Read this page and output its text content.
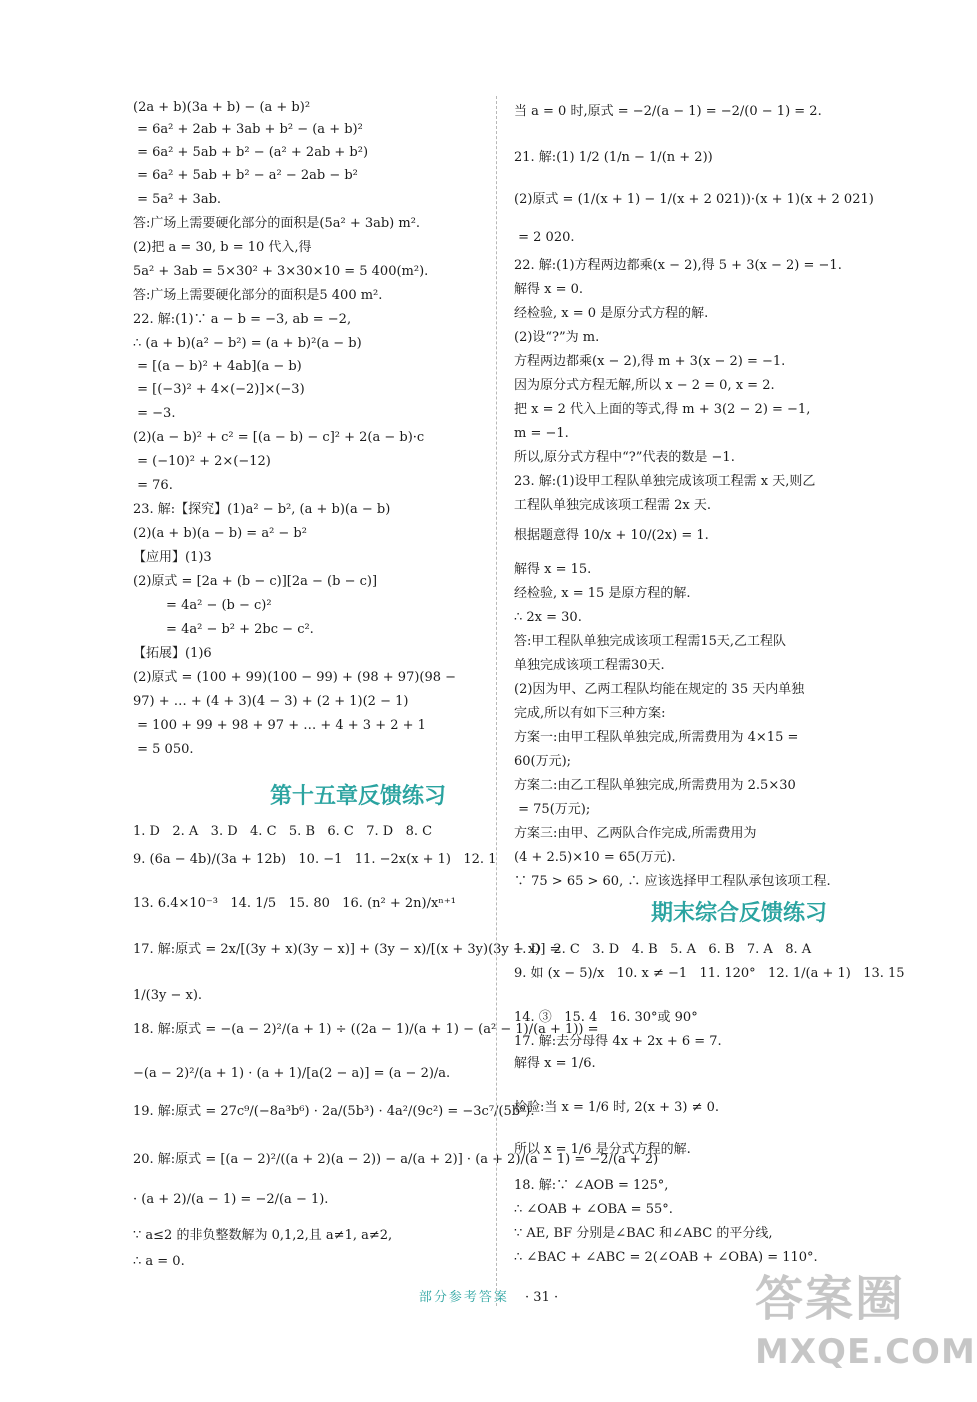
(2a + b)(3a + b) − (a + b)²
= 6a² + 2ab + 3ab + b² − (a + b)²
= 6a² + 5ab + b² − (a² + 2ab + b²)
= 6a² + 5ab + b² − a² − 2ab − b²
= 5a² + 3ab.
答:广场上需要硬化部分的面积是(5a² + 3ab) m².
(2)把 a = 30, b = 10 代入,得
5a² + 3ab = 5×30² + 3×30×10 = 5 400(m²).
答:广场上需要硬化部分的面积是5 400 m².
22. 解:(1)∵ a − b = −3, ab = −2,
∴ (a + b)(a² − b²) = (a + b)²(a − b)
= [(a − b)² + 4ab](a − b)
= [(−3)² + 4×(−2)]×(−3)
= −3.
(2)(a − b)² + c² = [(a − b) − c]² + 2(a − b)·c
= (−10)² + 2×(−12)
= 76.
23. 解:【探究】(1)a² − b², (a + b)(a − b)
(2)(a + b)(a − b) = a² − b²
【应用】(1)3
(2)原式 = [2a + (b − c)][2a − (b − c)]
= 4a² − (b − c)²
= 4a² − b² + 2bc − c².
【拓展】(1)6
(2)原式 = (100 + 99)(100 − 99) + (98 + 97)(98 −
97) + … + (4 + 3)(4 − 3) + (2 + 1)(2 − 1)
= 100 + 99 + 98 + 97 + … + 4 + 3 + 2 + 1
= 5 050.
第十五章反馈练习
1. D   2. A   3. D   4. C   5. B   6. C   7. D   8. C
9. (6a − 4b)/(3a + 12b)   10. −1   11. −2x(x + 1)   12. 1
13. 6.4×10⁻³   14. 1/5   15. 80   16. (n² + 2n)/xⁿ⁺¹
17. 解:原式 = 2x/[(3y + x)(3y − x)] + (3y − x)/[(x + 3y)(3y − x)] =
1/(3y − x).
18. 解:原式 = −(a − 2)²/(a + 1) ÷ ((2a − 1)/(a + 1) − (a² − 1)/(a + 1)) =
−(a − 2)²/(a + 1) · (a + 1)/[a(2 − a)] = (a − 2)/a.
19. 解:原式 = 27c⁹/(−8a³b⁶) · 2a/(5b³) · 4a²/(9c²) = −3c⁷/(5b⁹).
20. 解:原式 = [(a − 2)²/((a + 2)(a − 2)) − a/(a + 2)] · (a + 2)/(a − 1) = −2/(a + 2)
· (a + 2)/(a − 1) = −2/(a − 1).
∵ a≤2 的非负整数解为 0,1,2,且 a≠1, a≠2,
∴ a = 0.
当 a = 0 时,原式 = −2/(a − 1) = −2/(0 − 1) = 2.
21. 解:(1) 1/2 (1/n − 1/(n + 2))
(2)原式 = (1/(x + 1) − 1/(x + 2 021))·(x + 1)(x + 2 021)
= 2 020.
22. 解:(1)方程两边都乘(x − 2),得 5 + 3(x − 2) = −1.
解得 x = 0.
经检验, x = 0 是原分式方程的解.
(2)设“?”为 m.
方程两边都乘(x − 2),得 m + 3(x − 2) = −1.
因为原分式方程无解,所以 x − 2 = 0, x = 2.
把 x = 2 代入上面的等式,得 m + 3(2 − 2) = −1,
m = −1.
所以,原分式方程中“?”代表的数是 −1.
23. 解:(1)设甲工程队单独完成该项工程需 x 天,则乙
工程队单独完成该项工程需 2x 天.
根据题意得 10/x + 10/(2x) = 1.
解得 x = 15.
经检验, x = 15 是原方程的解.
∴ 2x = 30.
答:甲工程队单独完成该项工程需15天,乙工程队
单独完成该项工程需30天.
(2)因为甲、乙两工程队均能在规定的 35 天内单独
完成,所以有如下三种方案:
方案一:由甲工程队单独完成,所需费用为 4×15 =
60(万元);
方案二:由乙工程队单独完成,所需费用为 2.5×30
= 75(万元);
方案三:由甲、乙两队合作完成,所需费用为
(4 + 2.5)×10 = 65(万元).
∵ 75 > 65 > 60, ∴ 应该选择甲工程队承包该项工程.
期末综合反馈练习
1. D   2. C   3. D   4. B   5. A   6. B   7. A   8. A
9. 如 (x − 5)/x   10. x ≠ −1   11. 120°   12. 1/(a + 1)   13. 15
14. ③   15. 4   16. 30°或 90°
17. 解:去分母得 4x + 2x + 6 = 7.
解得 x = 1/6.
检验:当 x = 1/6 时, 2(x + 3) ≠ 0.
所以 x = 1/6 是分式方程的解.
18. 解:∵ ∠AOB = 125°,
∴ ∠OAB + ∠OBA = 55°.
∵ AE, BF 分别是∠BAC 和∠ABC 的平分线,
∴ ∠BAC + ∠ABC = 2(∠OAB + ∠OBA) = 110°.
部分参考答案 · 31 ·	答案圈
MXQE.COM
